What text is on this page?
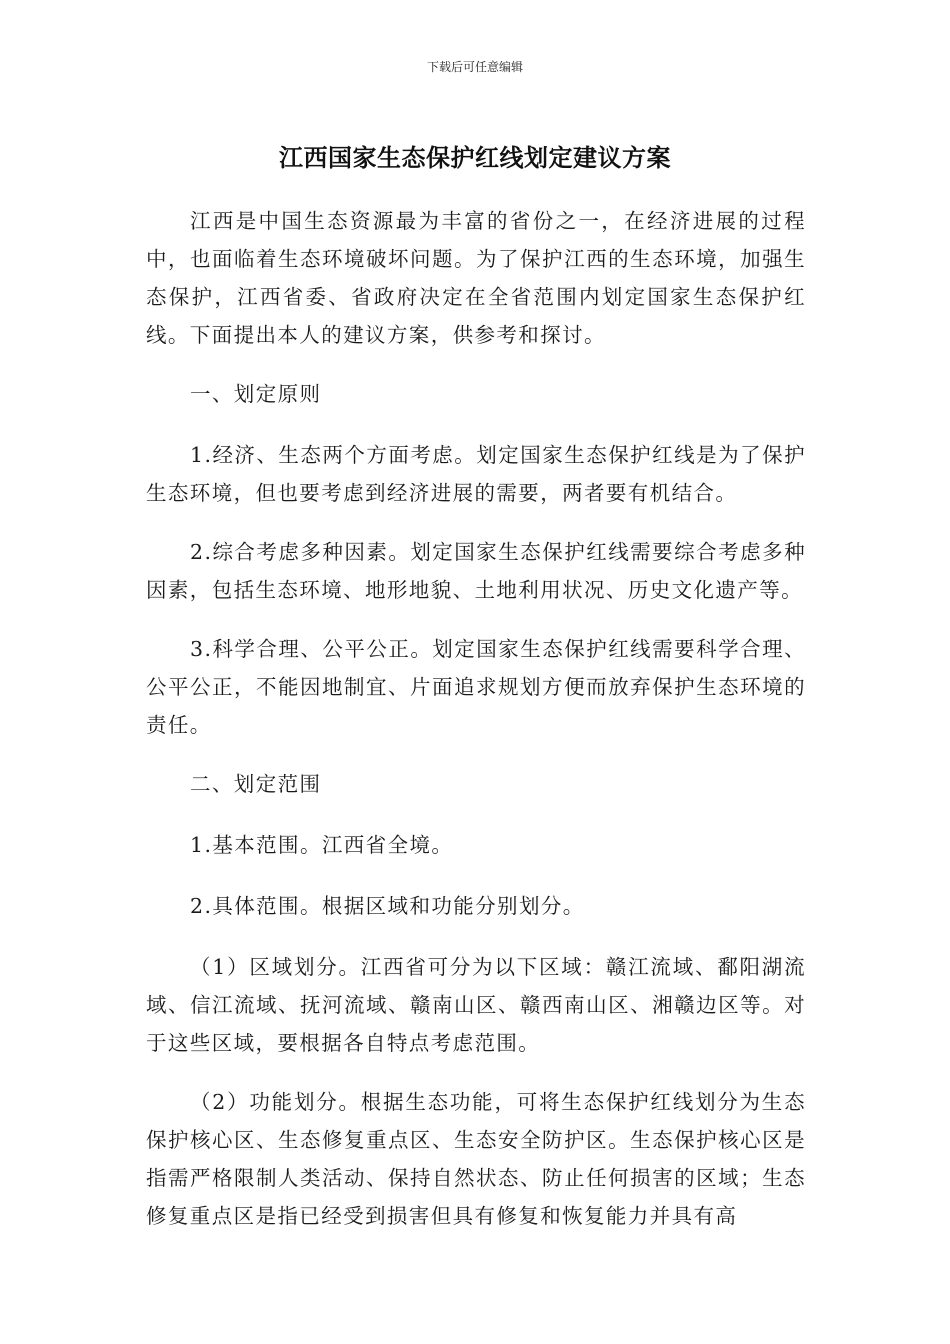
下载后可任意编辑
江西国家生态保护红线划定建议方案

江西是中国生态资源最为丰富的省份之一，在经济进展的过程中，也面临着生态环境破坏问题。为了保护江西的生态环境，加强生态保护，江西省委、省政府决定在全省范围内划定国家生态保护红线。下面提出本人的建议方案，供参考和探讨。

一、划定原则

1.经济、生态两个方面考虑。划定国家生态保护红线是为了保护生态环境，但也要考虑到经济进展的需要，两者要有机结合。

2.综合考虑多种因素。划定国家生态保护红线需要综合考虑多种因素，包括生态环境、地形地貌、土地利用状况、历史文化遗产等。

3.科学合理、公平公正。划定国家生态保护红线需要科学合理、公平公正，不能因地制宜、片面追求规划方便而放弃保护生态环境的责任。

二、划定范围

1.基本范围。江西省全境。

2.具体范围。根据区域和功能分别划分。

（1）区域划分。江西省可分为以下区域：赣江流域、鄱阳湖流域、信江流域、抚河流域、赣南山区、赣西南山区、湘赣边区等。对于这些区域，要根据各自特点考虑范围。

（2）功能划分。根据生态功能，可将生态保护红线划分为生态保护核心区、生态修复重点区、生态安全防护区。生态保护核心区是指需严格限制人类活动、保持自然状态、防止任何损害的区域；生态修复重点区是指已经受到损害但具有修复和恢复能力并具有高
